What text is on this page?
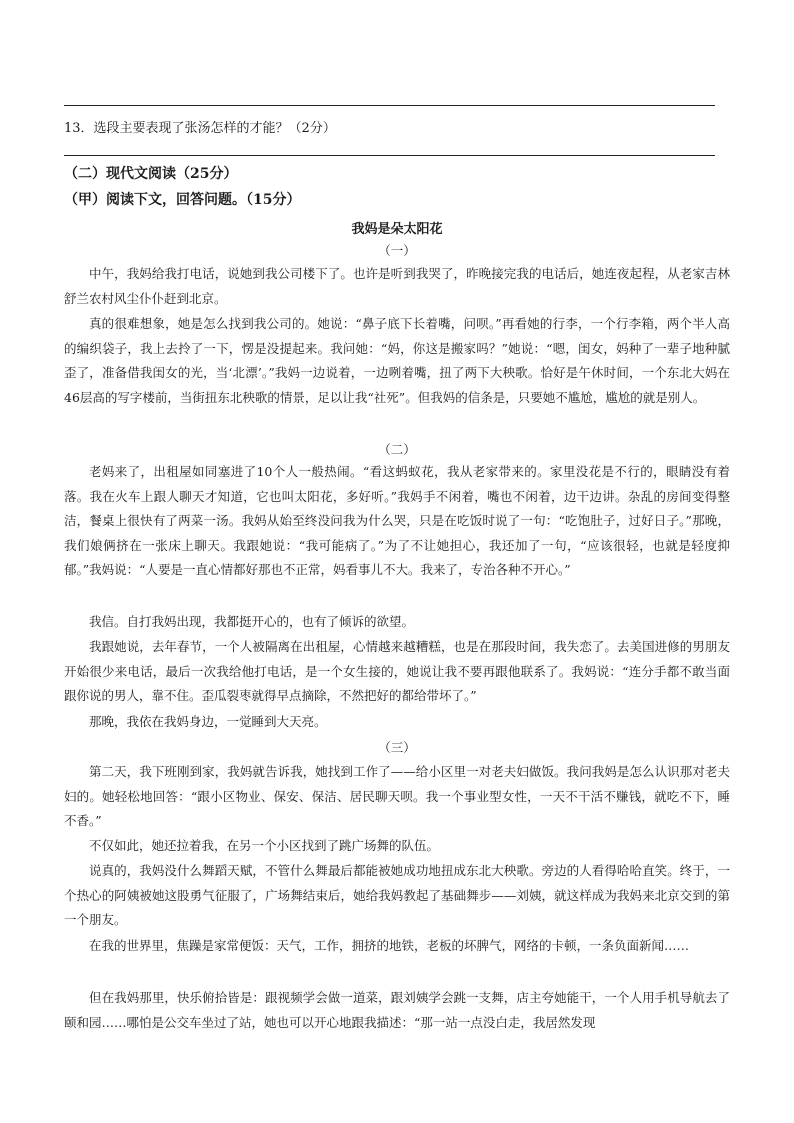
13．选段主要表现了张汤怎样的才能？（2分）
（二）现代文阅读（25分）
（甲）阅读下文，回答问题。（15分）
我妈是朵太阳花
（一）
中午，我妈给我打电话，说她到我公司楼下了。也许是听到我哭了，昨晚接完我的电话后，她连夜起程，从老家吉林舒兰农村风尘仆仆赶到北京。
真的很难想象，她是怎么找到我公司的。她说：“鼻子底下长着嘴，问呗。”再看她的行李，一个行李箱，两个半人高的编织袋子，我上去拎了一下，愣是没提起来。我问她：“妈，你这是搬家吗？”她说：“嗯，闺女，妈种了一辈子地种腻歪了，准备借我闺女的光，当‘北漂’。”我妈一边说着，一边咧着嘴，扭了两下大秧歌。恰好是午休时间，一个东北大妈在46层高的写字楼前，当街扭东北秧歌的情景，足以让我“社死”。但我妈的信条是，只要她不尴尬，尴尬的就是别人。
（二）
老妈来了，出租屋如同塞进了10个人一般热闹。“看这蚂蚁花，我从老家带来的。家里没花是不行的，眼睛没有着落。我在火车上跟人聊天才知道，它也叫太阳花，多好听。”我妈手不闲着，嘴也不闲着，边干边讲。杂乱的房间变得整洁，餐桌上很快有了两菜一汤。我妈从始至终没问我为什么哭，只是在吃饭时说了一句：“吃饱肚子，过好日子。”那晚，我们娘俩挤在一张床上聊天。我跟她说：“我可能病了。”为了不让她担心，我还加了一句，“应该很轻，也就是轻度抑郁。”我妈说：“人要是一直心情都好那也不正常，妈看事儿不大。我来了，专治各种不开心。”
我信。自打我妈出现，我都挺开心的，也有了倾诉的欲望。
我跟她说，去年春节，一个人被隔离在出租屋，心情越来越糟糕，也是在那段时间，我失恋了。去美国进修的男朋友开始很少来电话，最后一次我给他打电话，是一个女生接的，她说让我不要再跟他联系了。我妈说：“连分手都不敢当面跟你说的男人，靠不住。歪瓜裂枣就得早点摘除，不然把好的都给带坏了。”
那晚，我依在我妈身边，一觉睡到大天亮。
（三）
第二天，我下班刚到家，我妈就告诉我，她找到工作了——给小区里一对老夫妇做饭。我问我妈是怎么认识那对老夫妇的。她轻松地回答：“跟小区物业、保安、保洁、居民聊天呗。我一个事业型女性，一天不干活不赚钱，就吃不下，睡不香。”
不仅如此，她还拉着我，在另一个小区找到了跳广场舞的队伍。
说真的，我妈没什么舞蹈天赋，不管什么舞最后都能被她成功地扭成东北大秧歌。旁边的人看得哈哈直笑。终于，一个热心的阿姨被她这股勇气征服了，广场舞结束后，她给我妈教起了基础舞步——刘姨，就这样成为我妈来北京交到的第一个朋友。
在我的世界里，焦躁是家常便饭：天气，工作，拥挤的地铁，老板的坏脾气，网络的卡顿，一条负面新闻……
但在我妈那里，快乐俯拾皆是：跟视频学会做一道菜，跟刘姨学会跳一支舞，店主夸她能干，一个人用手机导航去了颐和园……哪怕是公交车坐过了站，她也可以开心地跟我描述：“那一站一点没白走，我居然发现
